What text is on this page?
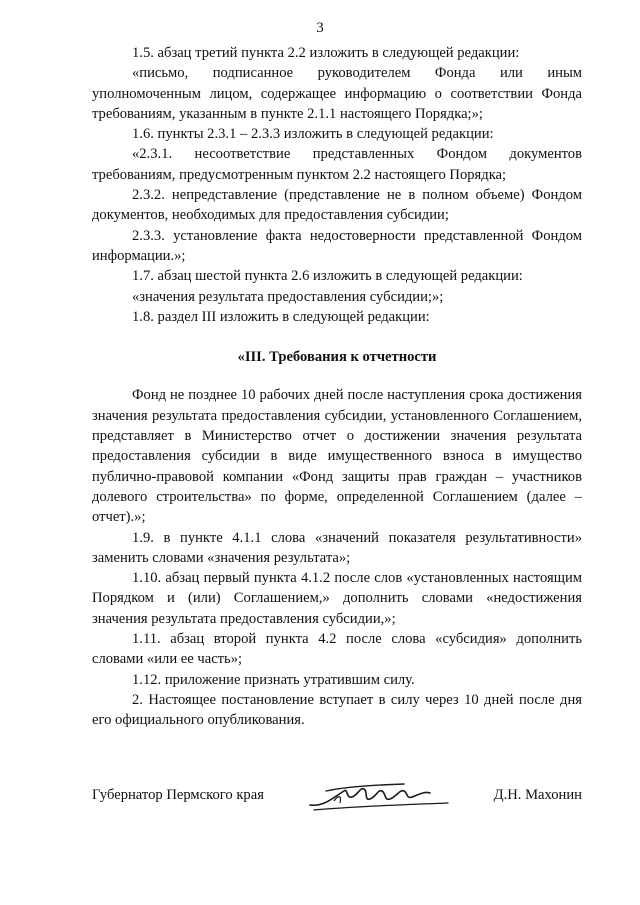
3

1.5. абзац третий пункта 2.2 изложить в следующей редакции:

«письмо, подписанное руководителем Фонда или иным уполномоченным лицом, содержащее информацию о соответствии Фонда требованиям, указанным в пункте 2.1.1 настоящего Порядка;»;

1.6. пункты 2.3.1 – 2.3.3 изложить в следующей редакции:

«2.3.1. несоответствие представленных Фондом документов требованиям, предусмотренным пунктом 2.2 настоящего Порядка;

2.3.2. непредставление (представление не в полном объеме) Фондом документов, необходимых для предоставления субсидии;

2.3.3. установление факта недостоверности представленной Фондом информации.»;

1.7. абзац шестой пункта 2.6 изложить в следующей редакции:

«значения результата предоставления субсидии;»;

1.8. раздел III изложить в следующей редакции:

«III. Требования к отчетности

Фонд не позднее 10 рабочих дней после наступления срока достижения значения результата предоставления субсидии, установленного Соглашением, представляет в Министерство отчет о достижении значения результата предоставления субсидии в виде имущественного взноса в имущество публично-правовой компании «Фонд защиты прав граждан – участников долевого строительства» по форме, определенной Соглашением (далее – отчет).»;

1.9. в пункте 4.1.1 слова «значений показателя результативности» заменить словами «значения результата»;

1.10. абзац первый пункта 4.1.2 после слов «установленных настоящим Порядком и (или) Соглашением,» дополнить словами «недостижения значения результата предоставления субсидии,»;

1.11. абзац второй пункта 4.2 после слова «субсидия» дополнить словами «или ее часть»;

1.12. приложение признать утратившим силу.

2. Настоящее постановление вступает в силу через 10 дней после дня его официального опубликования.

Губернатор Пермского края	Д.Н. Махонин
